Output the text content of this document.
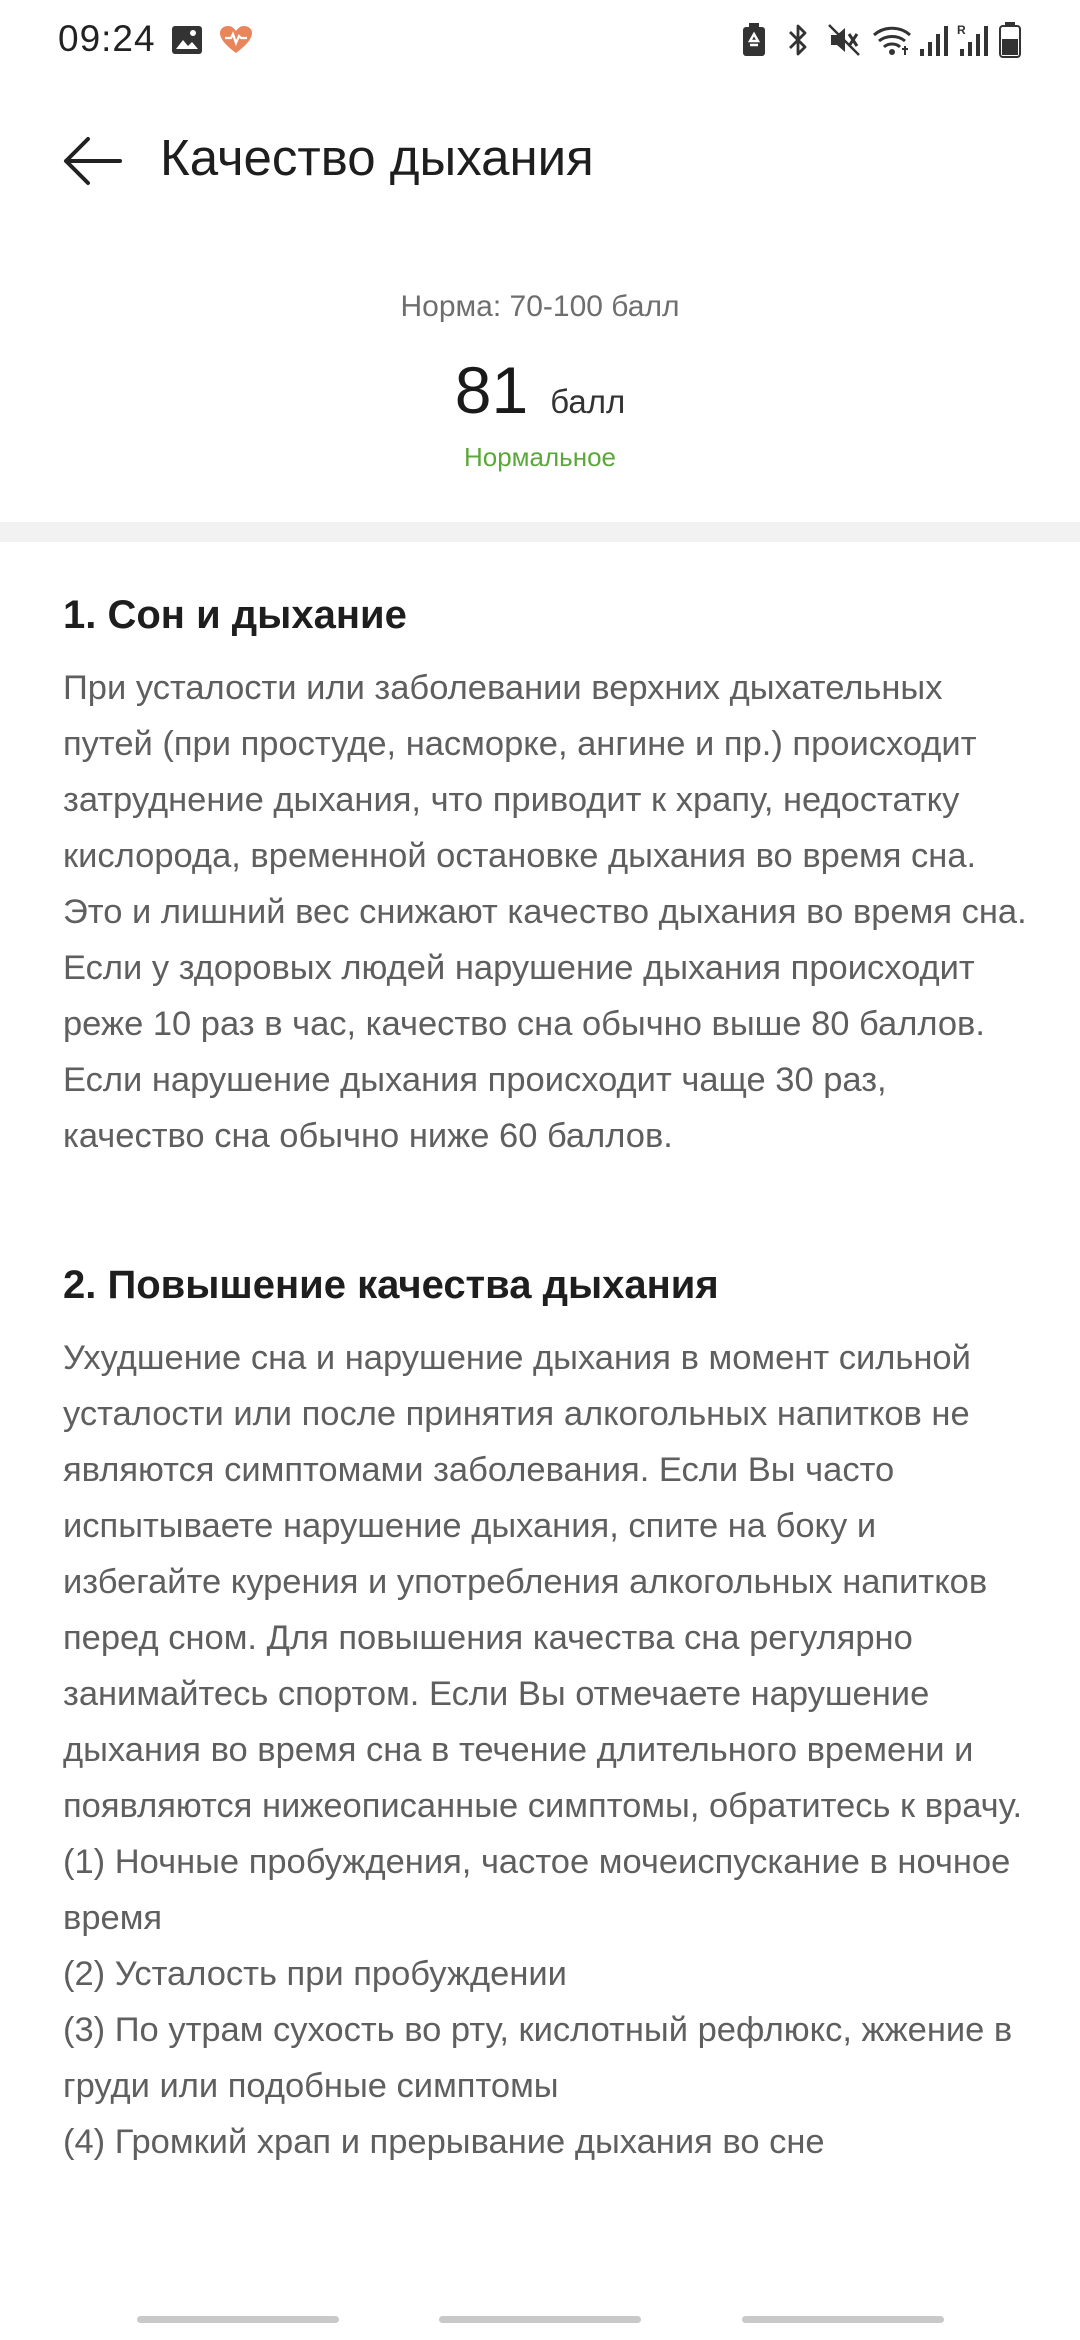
09:24	R
Качество дыхания
Норма: 70-100 балл
81 балл
Нормальное
1. Сон и дыхание

При усталости или заболевании верхних дыхательных путей (при простуде, насморке, ангине и пр.) происходит затруднение дыхания, что приводит к храпу, недостатку кислорода, временной остановке дыхания во время сна. Это и лишний вес снижают качество дыхания во время сна.

Если у здоровых людей нарушение дыхания происходит реже 10 раз в час, качество сна обычно выше 80 баллов. Если нарушение дыхания происходит чаще 30 раз, качество сна обычно ниже 60 баллов.

2. Повышение качества дыхания

Ухудшение сна и нарушение дыхания в момент сильной усталости или после принятия алкогольных напитков не являются симптомами заболевания. Если Вы часто испытываете нарушение дыхания, спите на боку и избегайте курения и употребления алкогольных напитков перед сном. Для повышения качества сна регулярно занимайтесь спортом. Если Вы отмечаете нарушение дыхания во время сна в течение длительного времени и появляются нижеописанные симптомы, обратитесь к врачу.

(1) Ночные пробуждения, частое мочеиспускание в ночное время

(2) Усталость при пробуждении

(3) По утрам сухость во рту, кислотный рефлюкс, жжение в груди или подобные симптомы

(4) Громкий храп и прерывание дыхания во сне
